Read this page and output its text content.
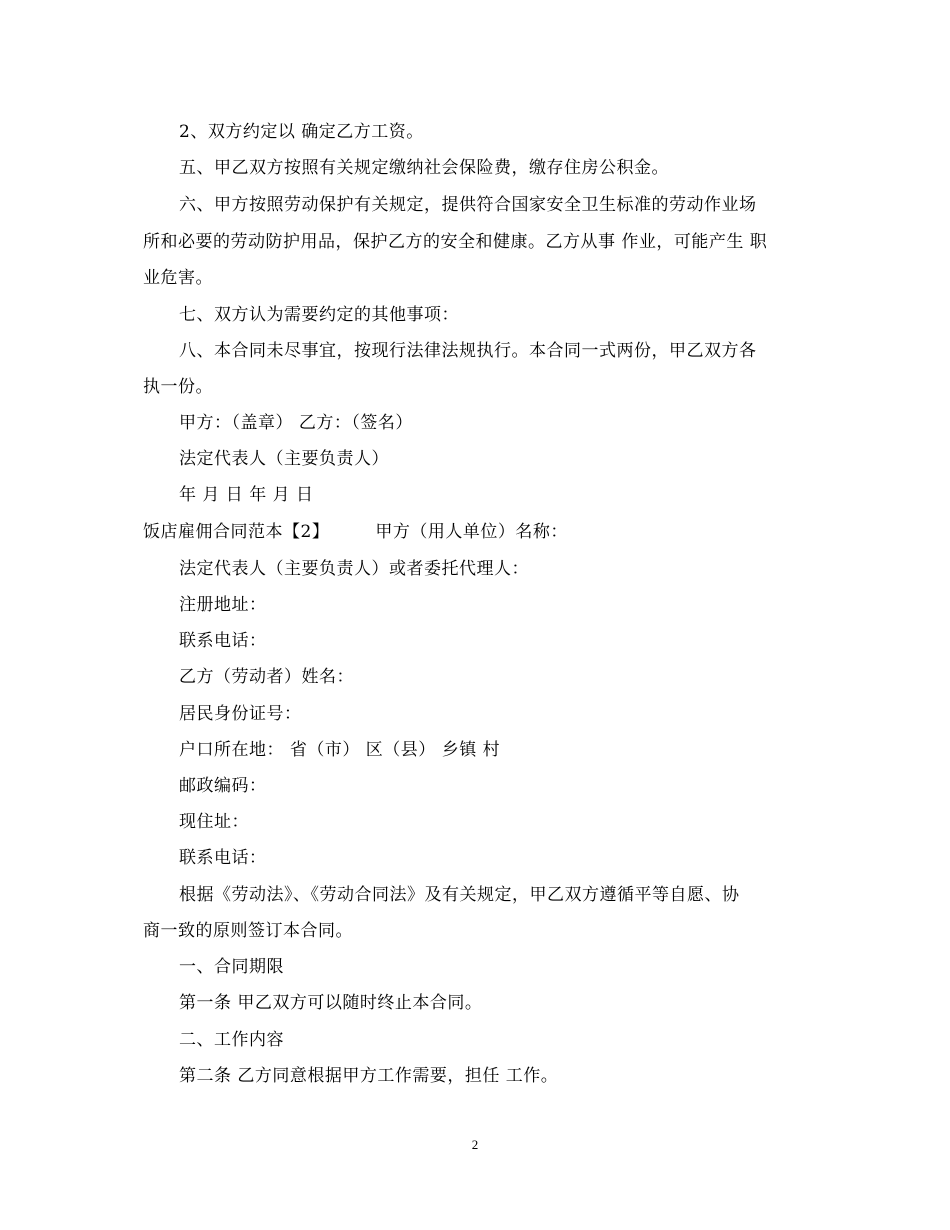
2、双方约定以 确定乙方工资。
五、甲乙双方按照有关规定缴纳社会保险费，缴存住房公积金。
六、甲方按照劳动保护有关规定，提供符合国家安全卫生标准的劳动作业场
所和必要的劳动防护用品，保护乙方的安全和健康。乙方从事 作业，可能产生 职
业危害。
七、双方认为需要约定的其他事项：
八、本合同未尽事宜，按现行法律法规执行。本合同一式两份，甲乙双方各
执一份。
甲方：（盖章） 乙方：（签名）
法定代表人（主要负责人）
年 月 日 年 月 日
饭店雇佣合同范本【2】	甲方（用人单位）名称：
法定代表人（主要负责人）或者委托代理人：
注册地址：
联系电话：
乙方（劳动者）姓名：
居民身份证号：
户口所在地： 省（市） 区（县） 乡镇 村
邮政编码：
现住址：
联系电话：
根据《劳动法》、《劳动合同法》及有关规定，甲乙双方遵循平等自愿、协
商一致的原则签订本合同。
一、合同期限
第一条 甲乙双方可以随时终止本合同。
二、工作内容
第二条 乙方同意根据甲方工作需要，担任 工作。
2
